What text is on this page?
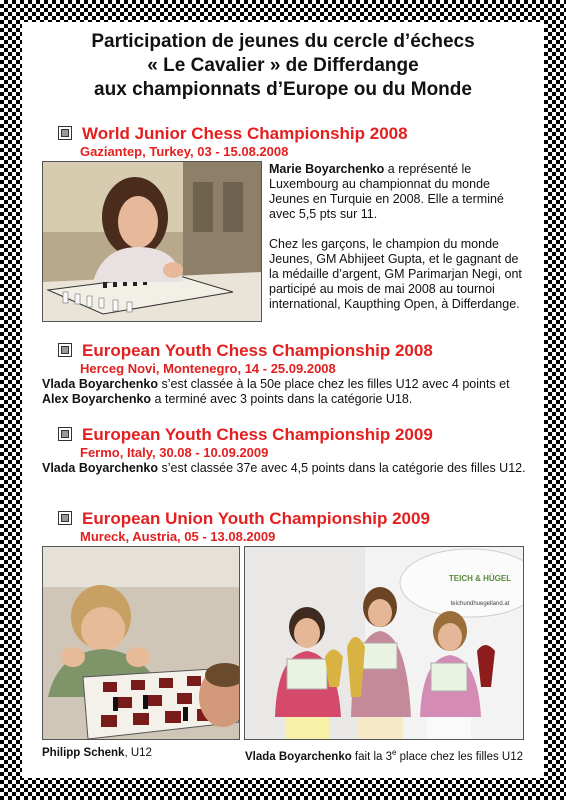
Participation de jeunes du cercle d’échecs
« Le Cavalier » de Differdange
aux championnats d’Europe ou du Monde
World Junior Chess Championship 2008
Gaziantep, Turkey, 03 - 15.08.2008
Marie Boyarchenko a représenté le Luxembourg au championnat du monde Jeunes en Turquie en 2008. Elle a terminé avec 5,5 pts sur 11.
Chez les garçons, le champion du monde Jeunes, GM Abhijeet Gupta, et le gagnant de la médaille d’argent, GM Parimarjan Negi, ont participé au mois de mai 2008 au tournoi international, Kaupthing Open, à Differdange.
European Youth Chess Championship 2008
Herceg Novi, Montenegro, 14 - 25.09.2008
Vlada Boyarchenko s’est classée à la 50e place chez les filles U12 avec 4 points et Alex Boyarchenko a terminé avec 3 points dans la catégorie U18.
European Youth Chess Championship 2009
Fermo, Italy, 30.08 - 10.09.2009
Vlada Boyarchenko s’est classée 37e avec 4,5 points dans la catégorie des filles U12.
European Union Youth Championship 2009
Mureck, Austria, 05 - 13.08.2009
TEICH & HÜGEL
teichundhuegelland.at
Philipp Schenk, U12	Vlada Boyarchenko fait la 3e place chez les filles U12
